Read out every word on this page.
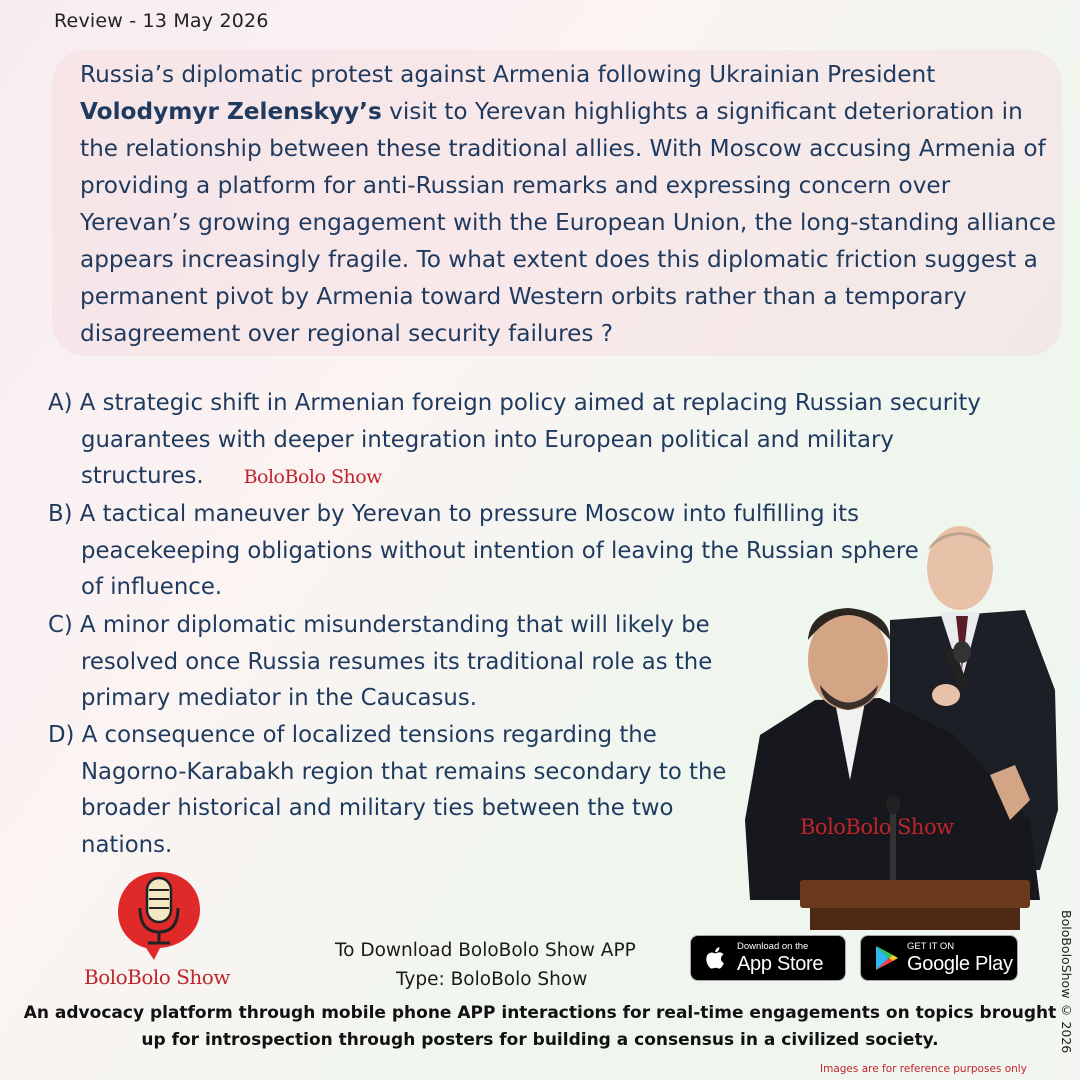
Review - 13 May 2026

Russia’s diplomatic protest against Armenia following Ukrainian President Volodymyr Zelenskyy’s visit to Yerevan highlights a significant deterioration in the relationship between these traditional allies. With Moscow accusing Armenia of providing a platform for anti-Russian remarks and expressing concern over Yerevan’s growing engagement with the European Union, the long-standing alliance appears increasingly fragile. To what extent does this diplomatic friction suggest a permanent pivot by Armenia toward Western orbits rather than a temporary disagreement over regional security failures ?

A) A strategic shift in Armenian foreign policy aimed at replacing Russian security guarantees with deeper integration into European political and military structures. BoloBolo Show

B) A tactical maneuver by Yerevan to pressure Moscow into fulfilling its peacekeeping obligations without intention of leaving the Russian sphere of influence.

C) A minor diplomatic misunderstanding that will likely be resolved once Russia resumes its traditional role as the primary mediator in the Caucasus.

D) A consequence of localized tensions regarding the Nagorno-Karabakh region that remains secondary to the broader historical and military ties between the two nations.

BoloBolo Show
BoloBolo Show
To Download BoloBolo Show APP
Type: BoloBolo Show
Download on the
App Store
GET IT ON
Google Play

An advocacy platform through mobile phone APP interactions for real-time engagements on topics brought up for introspection through posters for building a consensus in a civilized society.	BoloBoloShow © 2026
Images are for reference purposes only
